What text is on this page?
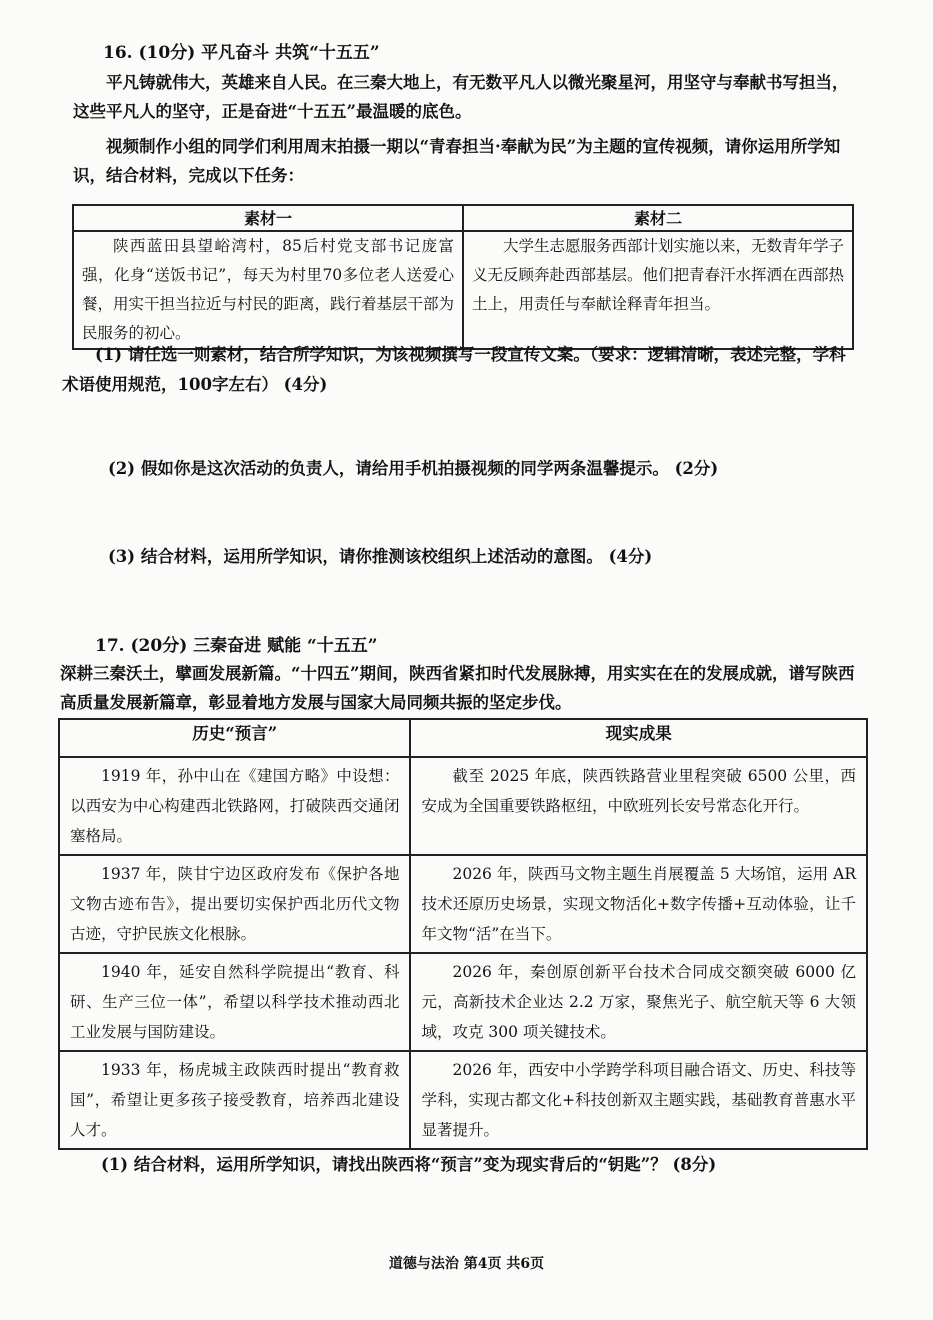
16. (10分) 平凡奋斗 共筑“十五五”
平凡铸就伟大，英雄来自人民。在三秦大地上，有无数平凡人以微光聚星河，用坚守与奉献书写担当，这些平凡人的坚守，正是奋进“十五五”最温暖的底色。
视频制作小组的同学们利用周末拍摄一期以“青春担当·奉献为民”为主题的宣传视频，请你运用所学知识，结合材料，完成以下任务：
素材一	素材二
陕西蓝田县望峪湾村，85后村党支部书记庞富强，化身“送饭书记”，每天为村里70多位老人送爱心餐，用实干担当拉近与村民的距离，践行着基层干部为民服务的初心。	大学生志愿服务西部计划实施以来，无数青年学子义无反顾奔赴西部基层。他们把青春汗水挥洒在西部热土上，用责任与奉献诠释青年担当。
(1) 请任选一则素材，结合所学知识，为该视频撰写一段宣传文案。（要求：逻辑清晰，表述完整，学科术语使用规范，100字左右） (4分)
(2) 假如你是这次活动的负责人，请给用手机拍摄视频的同学两条温馨提示。 (2分)
(3) 结合材料，运用所学知识，请你推测该校组织上述活动的意图。 (4分)
17. (20分) 三秦奋进 赋能 “十五五”
深耕三秦沃土，擘画发展新篇。“十四五”期间，陕西省紧扣时代发展脉搏，用实实在在的发展成就，谱写陕西高质量发展新篇章，彰显着地方发展与国家大局同频共振的坚定步伐。
历史“预言”	现实成果
1919 年，孙中山在《建国方略》中设想：以西安为中心构建西北铁路网，打破陕西交通闭塞格局。	截至 2025 年底，陕西铁路营业里程突破 6500 公里，西安成为全国重要铁路枢纽，中欧班列长安号常态化开行。
1937 年，陕甘宁边区政府发布《保护各地文物古迹布告》，提出要切实保护西北历代文物古迹，守护民族文化根脉。	2026 年，陕西马文物主题生肖展覆盖 5 大场馆，运用 AR 技术还原历史场景，实现文物活化+数字传播+互动体验，让千年文物“活”在当下。
1940 年，延安自然科学院提出“教育、科研、生产三位一体”，希望以科学技术推动西北工业发展与国防建设。	2026 年，秦创原创新平台技术合同成交额突破 6000 亿元，高新技术企业达 2.2 万家，聚焦光子、航空航天等 6 大领域，攻克 300 项关键技术。
1933 年，杨虎城主政陕西时提出“教育救国”，希望让更多孩子接受教育，培养西北建设人才。	2026 年，西安中小学跨学科项目融合语文、历史、科技等学科，实现古都文化+科技创新双主题实践，基础教育普惠水平显著提升。
(1) 结合材料，运用所学知识，请找出陕西将“预言”变为现实背后的“钥匙”？ (8分)
道德与法治 第4页 共6页
